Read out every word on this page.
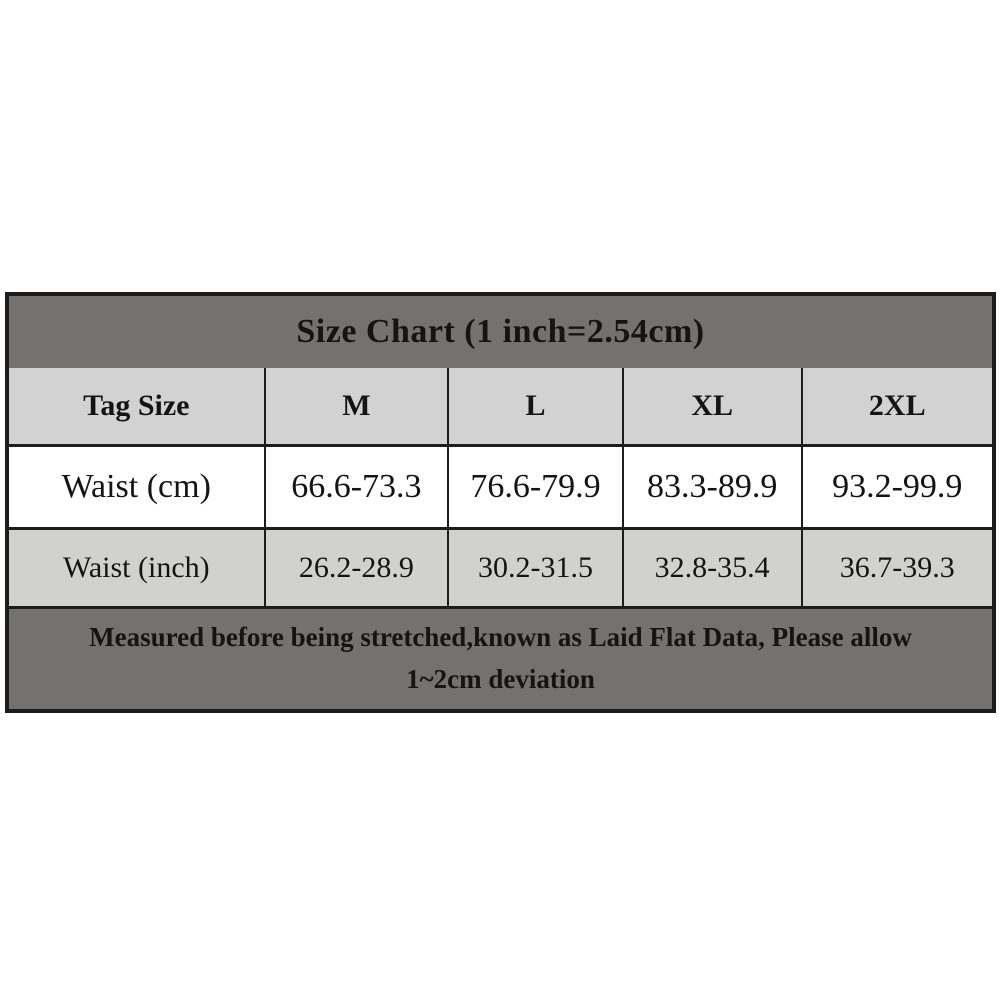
Size Chart (1 inch=2.54cm)				
Tag Size	M	L	XL	2XL
Waist (cm)	66.6-73.3	76.6-79.9	83.3-89.9	93.2-99.9
Waist (inch)	26.2-28.9	30.2-31.5	32.8-35.4	36.7-39.3
Measured before being stretched,known as Laid Flat Data, Please allow
1~2cm deviation				
